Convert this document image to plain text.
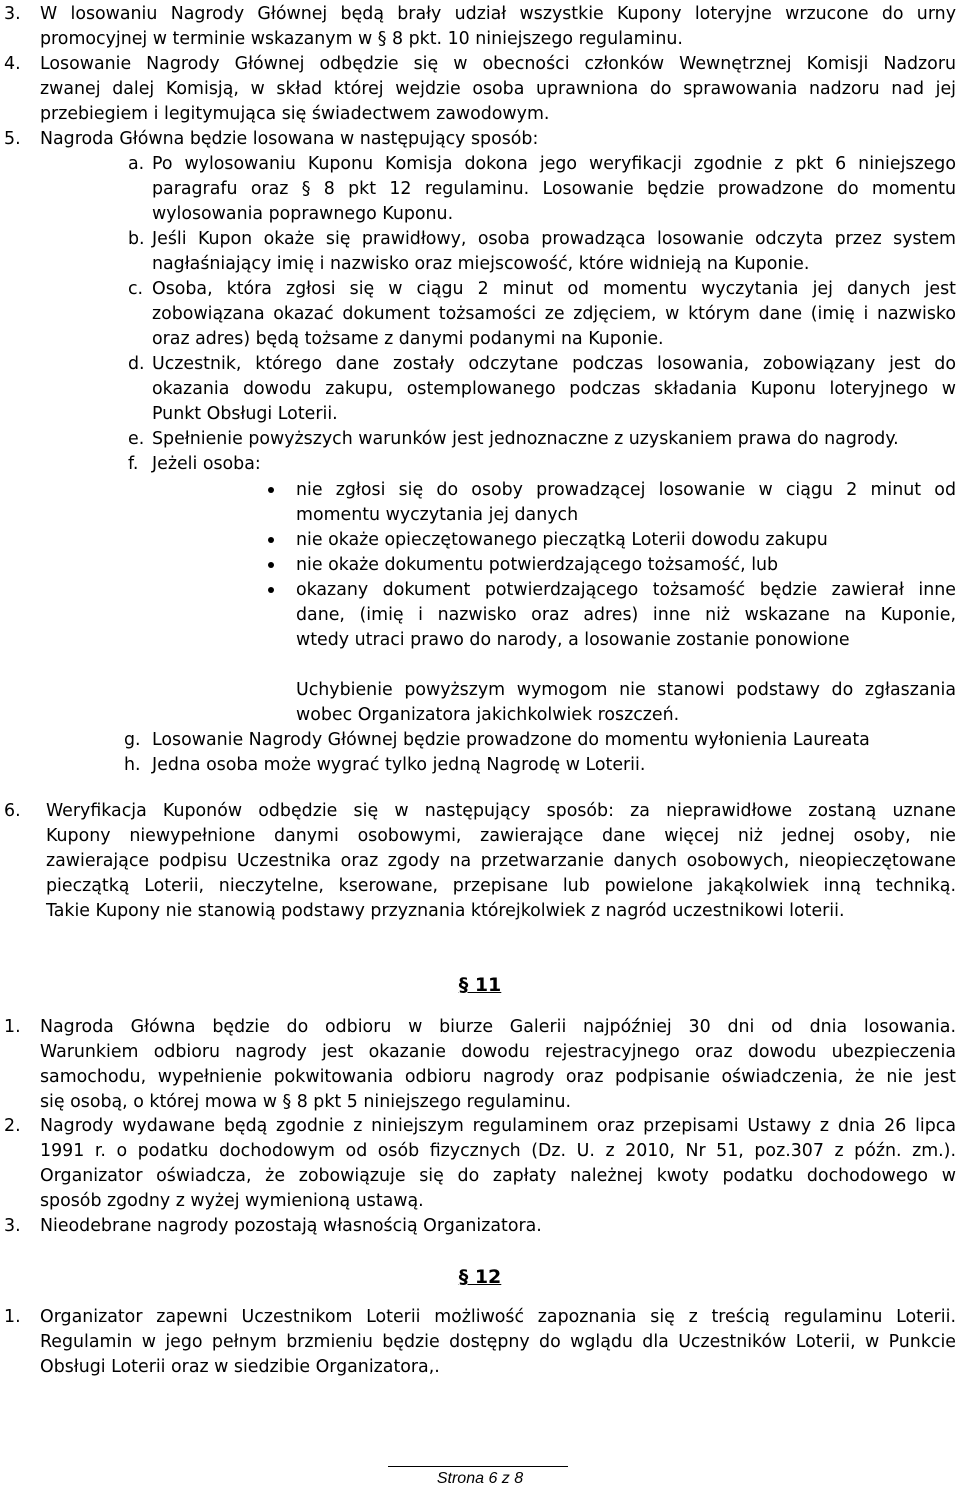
3. W losowaniu Nagrody Głównej będą brały udział wszystkie Kupony loteryjne wrzucone do urny
promocyjnej w terminie wskazanym w § 8 pkt. 10 niniejszego regulaminu.
4. Losowanie Nagrody Głównej odbędzie się w obecności członków Wewnętrznej Komisji Nadzoru
zwanej dalej Komisją, w skład której wejdzie osoba uprawniona do sprawowania nadzoru nad jej
przebiegiem i legitymująca się świadectwem zawodowym.
5. Nagroda Główna będzie losowana w następujący sposób:
a. Po wylosowaniu Kuponu Komisja dokona jego weryfikacji zgodnie z pkt 6 niniejszego
paragrafu oraz § 8 pkt 12 regulaminu. Losowanie będzie prowadzone do momentu
wylosowania poprawnego Kuponu.
b. Jeśli Kupon okaże się prawidłowy, osoba prowadząca losowanie odczyta przez system
nagłaśniający imię i nazwisko oraz miejscowość, które widnieją na Kuponie.
c. Osoba, która zgłosi się w ciągu 2 minut od momentu wyczytania jej danych jest
zobowiązana okazać dokument tożsamości ze zdjęciem, w którym dane (imię i nazwisko
oraz adres) będą tożsame z danymi podanymi na Kuponie.
d. Uczestnik, którego dane zostały odczytane podczas losowania, zobowiązany jest do
okazania dowodu zakupu, ostemplowanego podczas składania Kuponu loteryjnego w
Punkt Obsługi Loterii.
e. Spełnienie powyższych warunków jest jednoznaczne z uzyskaniem prawa do nagrody.
f. Jeżeli osoba:
nie zgłosi się do osoby prowadzącej losowanie w ciągu 2 minut od
momentu wyczytania jej danych
nie okaże opieczętowanego pieczątką Loterii dowodu zakupu
nie okaże dokumentu potwierdzającego tożsamość, lub
okazany dokument potwierdzającego tożsamość będzie zawierał inne
dane, (imię i nazwisko oraz adres) inne niż wskazane na Kuponie,
wtedy utraci prawo do narody, a losowanie zostanie ponowione
Uchybienie powyższym wymogom nie stanowi podstawy do zgłaszania
wobec Organizatora jakichkolwiek roszczeń.
g. Losowanie Nagrody Głównej będzie prowadzone do momentu wyłonienia Laureata
h. Jedna osoba może wygrać tylko jedną Nagrodę w Loterii.
6. Weryfikacja Kuponów odbędzie się w następujący sposób: za nieprawidłowe zostaną uznane
Kupony niewypełnione danymi osobowymi, zawierające dane więcej niż jednej osoby, nie
zawierające podpisu Uczestnika oraz zgody na przetwarzanie danych osobowych, nieopieczętowane
pieczątką Loterii, nieczytelne, kserowane, przepisane lub powielone jakąkolwiek inną techniką.
Takie Kupony nie stanowią podstawy przyznania którejkolwiek z nagród uczestnikowi loterii.
§ 11
1. Nagroda Główna będzie do odbioru w biurze Galerii najpóźniej 30 dni od dnia losowania.
Warunkiem odbioru nagrody jest okazanie dowodu rejestracyjnego oraz dowodu ubezpieczenia
samochodu, wypełnienie pokwitowania odbioru nagrody oraz podpisanie oświadczenia, że nie jest
się osobą, o której mowa w § 8 pkt 5 niniejszego regulaminu.
2. Nagrody wydawane będą zgodnie z niniejszym regulaminem oraz przepisami Ustawy z dnia 26 lipca
1991 r. o podatku dochodowym od osób fizycznych (Dz. U. z 2010, Nr 51, poz.307 z późn. zm.).
Organizator oświadcza, że zobowiązuje się do zapłaty należnej kwoty podatku dochodowego w
sposób zgodny z wyżej wymienioną ustawą.
3. Nieodebrane nagrody pozostają własnością Organizatora.
§ 12
1. Organizator zapewni Uczestnikom Loterii możliwość zapoznania się z treścią regulaminu Loterii.
Regulamin w jego pełnym brzmieniu będzie dostępny do wglądu dla Uczestników Loterii, w Punkcie
Obsługi Loterii oraz w siedzibie Organizatora,.
Strona 6 z 8
